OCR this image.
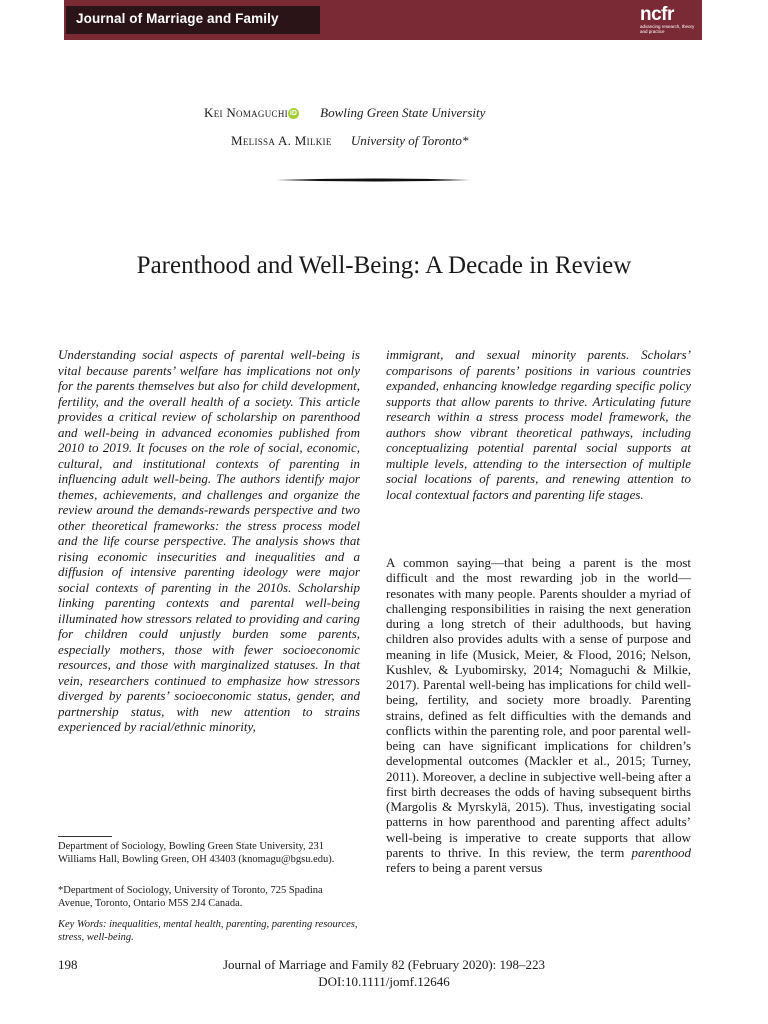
Journal of Marriage and Family	ncfr
advancing research, theory and practice
Kei Nomaguchi iD Bowling Green State University
Melissa A. Milkie University of Toronto*
Parenthood and Well-Being: A Decade in Review
Understanding social aspects of parental well-being is vital because parents’ welfare has implications not only for the parents themselves but also for child development, fertility, and the overall health of a society. This article provides a critical review of scholarship on parenthood and well-being in advanced economies published from 2010 to 2019. It focuses on the role of social, economic, cultural, and institutional contexts of parenting in influencing adult well-being. The authors identify major themes, achievements, and challenges and organize the review around the demands-rewards perspective and two other theoretical frameworks: the stress process model and the life course perspective. The analysis shows that rising economic insecurities and inequalities and a diffusion of intensive parenting ideology were major social contexts of parenting in the 2010s. Scholarship linking parenting contexts and parental well-being illuminated how stressors related to providing and caring for children could unjustly burden some parents, especially mothers, those with fewer socioeconomic resources, and those with marginalized statuses. In that vein, researchers continued to emphasize how stressors diverged by parents’ socioeconomic status, gender, and partnership status, with new attention to strains experienced by racial/ethnic minority,
immigrant, and sexual minority parents. Scholars’ comparisons of parents’ positions in various countries expanded, enhancing knowledge regarding specific policy supports that allow parents to thrive. Articulating future research within a stress process model framework, the authors show vibrant theoretical pathways, including conceptualizing potential parental social supports at multiple levels, attending to the intersection of multiple social locations of parents, and renewing attention to local contextual factors and parenting life stages.
A common saying—that being a parent is the most difficult and the most rewarding job in the world—resonates with many people. Parents shoulder a myriad of challenging responsibilities in raising the next generation during a long stretch of their adulthoods, but having children also provides adults with a sense of purpose and meaning in life (Musick, Meier, & Flood, 2016; Nelson, Kushlev, & Lyubomirsky, 2014; Nomaguchi & Milkie, 2017). Parental well-being has implications for child well-being, fertility, and society more broadly. Parenting strains, defined as felt difficulties with the demands and conflicts within the parenting role, and poor parental well-being can have significant implications for children’s developmental outcomes (Mackler et al., 2015; Turney, 2011). Moreover, a decline in subjective well-being after a first birth decreases the odds of having subsequent births (Margolis & Myrskylä, 2015). Thus, investigating social patterns in how parenthood and parenting affect adults’ well-being is imperative to create supports that allow parents to thrive. In this review, the term parenthood refers to being a parent versus
Department of Sociology, Bowling Green State University, 231 Williams Hall, Bowling Green, OH 43403 (knomagu@bgsu.edu).
*Department of Sociology, University of Toronto, 725 Spadina Avenue, Toronto, Ontario M5S 2J4 Canada.
Key Words: inequalities, mental health, parenting, parenting resources, stress, well-being.
198	Journal of Marriage and Family 82 (February 2020): 198–223
DOI:10.1111/jomf.12646
